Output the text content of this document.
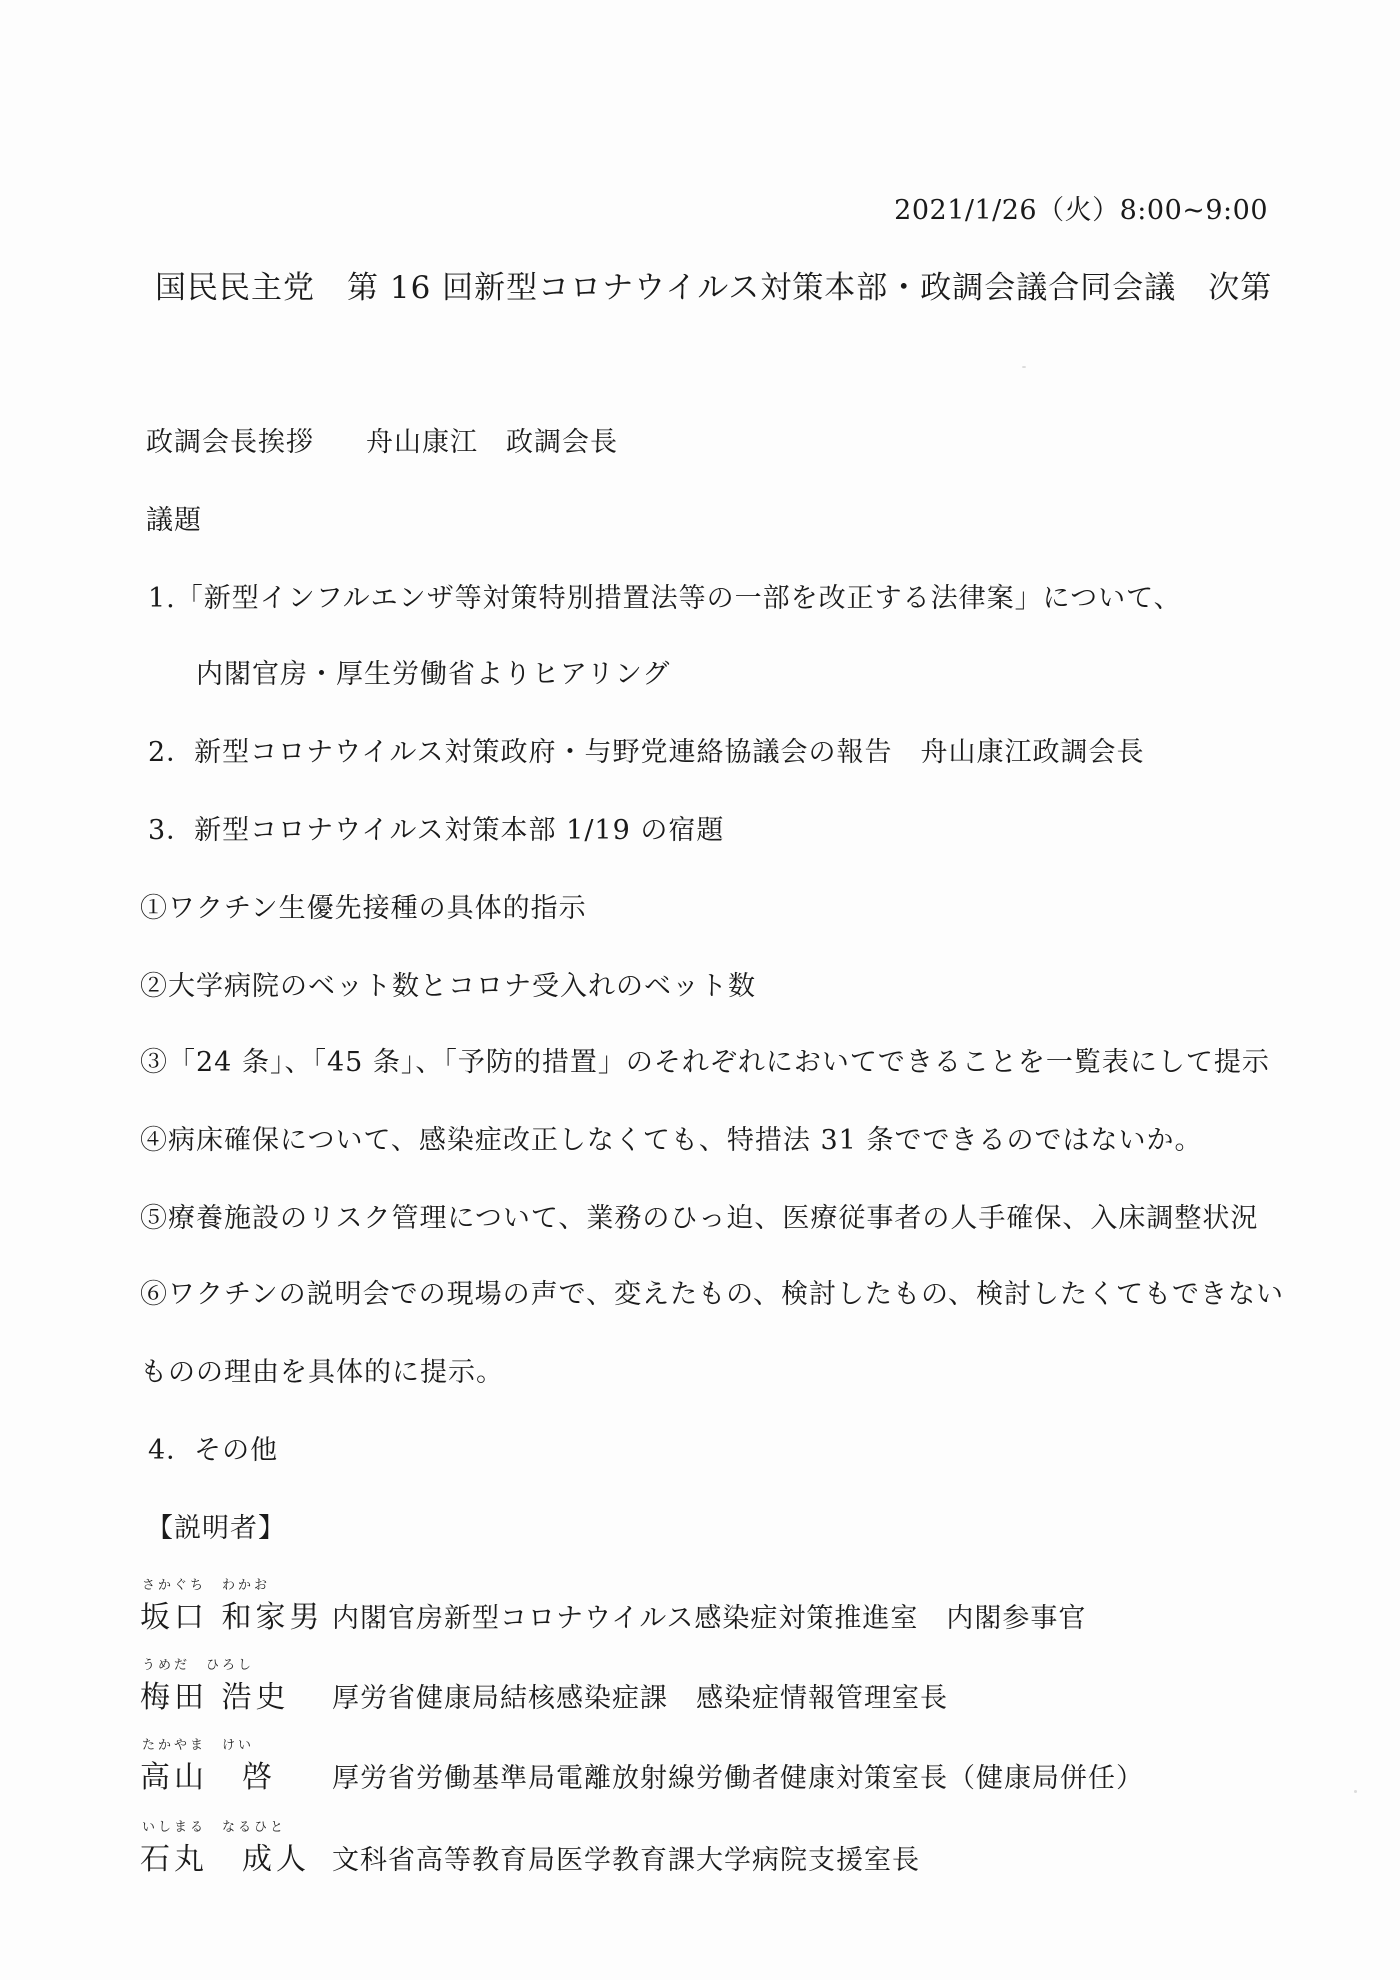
2021/1/26（火）8:00~9:00
国民民主党　第 16 回新型コロナウイルス対策本部・政調会議合同会議　次第
政調会長挨拶 舟山康江　政調会長
議題
1.「新型インフルエンザ等対策特別措置法等の一部を改正する法律案」について、
内閣官房・厚生労働省よりヒアリング
2．新型コロナウイルス対策政府・与野党連絡協議会の報告　舟山康江政調会長
3．新型コロナウイルス対策本部 1/19 の宿題
①ワクチン生優先接種の具体的指示
②大学病院のベット数とコロナ受入れのベット数
③「24 条」、「45 条」、「予防的措置」のそれぞれにおいてできることを一覧表にして提示
④病床確保について、感染症改正しなくても、特措法 31 条でできるのではないか。
⑤療養施設のリスク管理について、業務のひっ迫、医療従事者の人手確保、入床調整状況
⑥ワクチンの説明会での現場の声で、変えたもの、検討したもの、検討したくてもできない
ものの理由を具体的に提示。
4．その他
【説明者】
さかぐち　わかお
坂口 和家男 内閣官房新型コロナウイルス感染症対策推進室　内閣参事官
うめだ　ひろし
梅田 浩史 厚労省健康局結核感染症課　感染症情報管理室長
たかやま　けい
高山　啓 厚労省労働基準局電離放射線労働者健康対策室長（健康局併任）
いしまる　なるひと
石丸　成人 文科省高等教育局医学教育課大学病院支援室長
